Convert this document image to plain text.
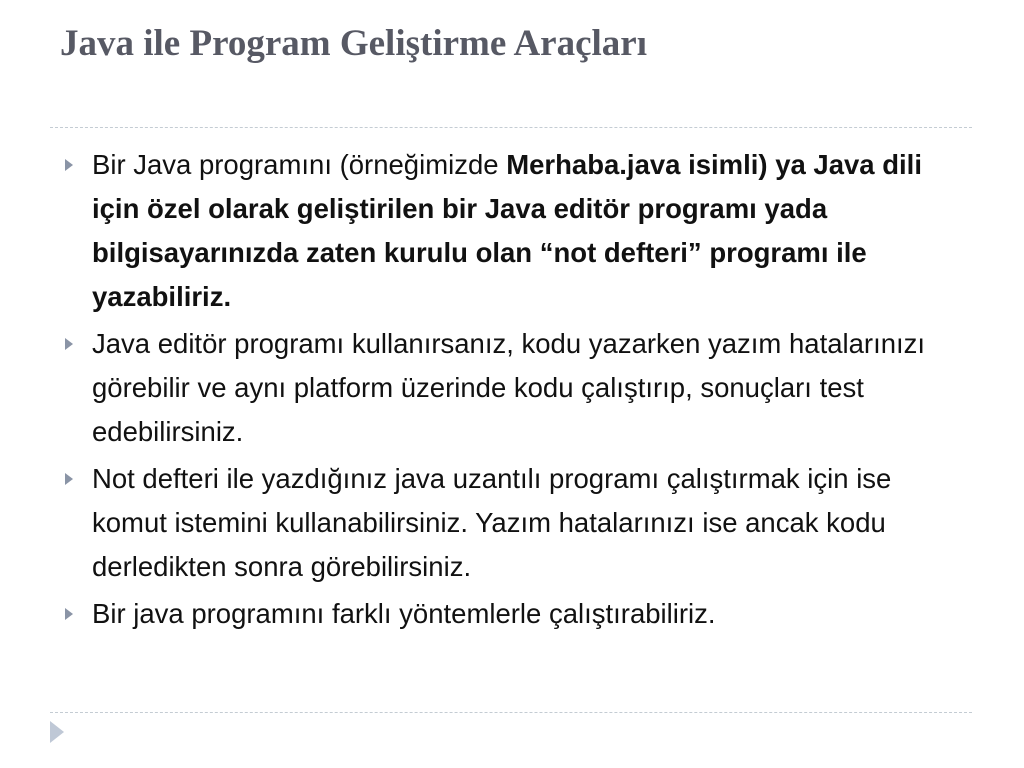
Java ile Program Geliştirme Araçları
Bir Java programını (örneğimizde Merhaba.java isimli) ya Java dili için özel olarak geliştirilen bir Java editör programı yada bilgisayarınızda zaten kurulu olan “not defteri” programı ile yazabiliriz.
Java editör programı kullanırsanız, kodu yazarken yazım hatalarınızı görebilir ve aynı platform üzerinde kodu çalıştırıp, sonuçları test edebilirsiniz.
Not defteri ile yazdığınız java uzantılı programı çalıştırmak için ise komut istemini kullanabilirsiniz. Yazım hatalarınızı ise ancak kodu derledikten sonra görebilirsiniz.
Bir java programını farklı yöntemlerle çalıştırabiliriz.
